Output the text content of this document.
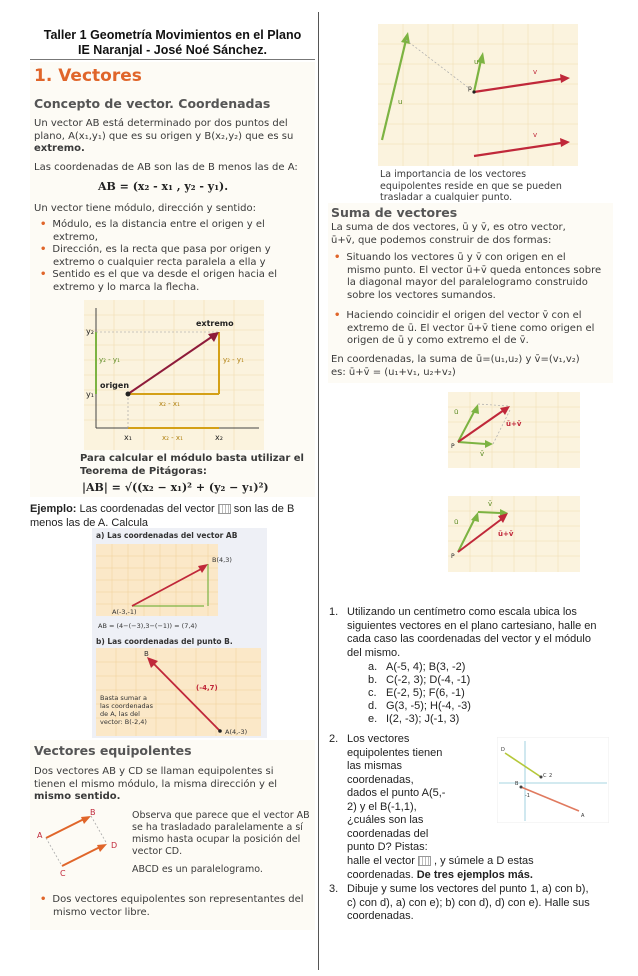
Taller 1 Geometría Movimientos en el Plano
IE Naranjal - José Noé Sánchez.
1. Vectores
Concepto de vector. Coordenadas
Un vector AB está determinado por dos puntos del
plano, A(x₁,y₁) que es su origen y B(x₂,y₂) que es su
extremo.
Las coordenadas de AB son las de B menos las de A:
AB = (x₂ - x₁ , y₂ - y₁).
Un vector tiene módulo, dirección y sentido:
• Módulo, es la distancia entre el origen y el
extremo,
• Dirección, es la recta que pasa por origen y
extremo o cualquier recta paralela a ella y
• Sentido es el que va desde el origen hacia el
extremo y lo marca la flecha.
extremo
origen
y₂
y₁
x₁	x₂
y₂ - y₁	y₂ - y₁
x₂ - x₁
x₂ - x₁
Para calcular el módulo basta utilizar el
Teorema de Pitágoras:
|AB| = √((x₂ − x₁)² + (y₂ − y₁)²)
Ejemplo: Las coordenadas del vector  son las de B
menos las de A. Calcula
a) Las coordenadas del vector AB
B(4,3)
A(-3,-1)
AB = (4−(−3),3−(−1)) = (7,4)
b) Las coordenadas del punto B.
B
(-4,7)
A(4,-3)
Basta sumar a
las coordenadas
de A, las del
vector: B(-2,4)
Vectores equipolentes
Dos vectores AB y CD se llaman equipolentes si
tienen el mismo módulo, la misma dirección y el
mismo sentido.
A
B
C
D
Observa que parece que el vector AB
se ha trasladado paralelamente a sí
mismo hasta ocupar la posición del
vector CD.
ABCD es un paralelogramo.
• Dos vectores equipolentes son representantes del
mismo vector libre.
u
u
v
v
p
La importancia de los vectores
equipolentes reside en que se pueden
trasladar a cualquier punto.
Suma de vectores
La suma de dos vectores, ū y v̄, es otro vector,
ū+v̄, que podemos construir de dos formas:
• Situando los vectores ū y v̄ con origen en el
mismo punto. El vector ū+v̄ queda entonces sobre
la diagonal mayor del paralelogramo construido
sobre los vectores sumandos.
• Haciendo coincidir el origen del vector v̄ con el
extremo de ū. El vector ū+v̄ tiene como origen el
origen de ū y como extremo el de v̄.
En coordenadas, la suma de ū=(u₁,u₂) y v̄=(v₁,v₂)
es: ū+v̄ = (u₁+v₁, u₂+v₂)
ū
v̄
ū+v̄
P
ū
v̄
ū+v̄
P
1. Utilizando un centímetro como escala ubica los
siguientes vectores en el plano cartesiano, halle en
cada caso las coordenadas del vector y el módulo
del mismo.
a. A(-5, 4); B(3, -2)
b. C(-2, 3); D(-4, -1)
c. E(-2, 5); F(6, -1)
d. G(3, -5); H(-4, -3)
e. I(2, -3); J(-1, 3)
2. Los vectores
equipolentes tienen
las mismas
coordenadas,
dados el punto A(5,-
2) y el B(-1,1),
¿cuáles son las
coordenadas del
punto D? Pistas:
D
C 2
B
-1
A
halle el vector  , y súmele a D estas
coordenadas. De tres ejemplos más.
3. Dibuje y sume los vectores del punto 1, a) con b),
c) con d), a) con e); b) con d), d) con e). Halle sus
coordenadas.
